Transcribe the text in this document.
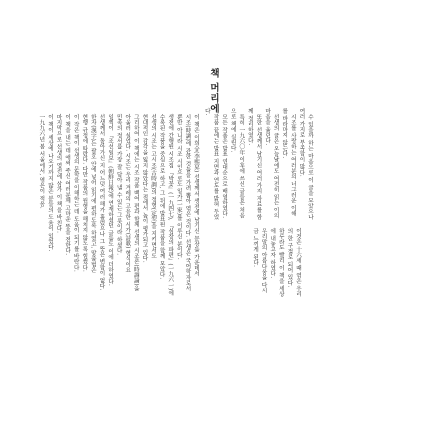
책 머리에

이 책은 이희승(李熙昇) 선생께서 생전에 남기신 문장들 가운데서

시조(時調)에 관한 것들을 가려 뽑아 엮은 것이다. 선생은 국어학자로서

뿐만 아니라 시조 시인으로도 일가(一家)를 이루신 분이다.

생전에 간행된 시조집 『박꽃』(一九四七), 『심장의 파편』(一九六一)에

수록된 작품을 중심으로 하고, 그 뒤에 발표된 작품을 함께 모았다.

선생의 시조는 고시조(古時調)의 정형(定型)을 지키면서도

현대적인 감각을 잃지 않았다는 점에서 높이 평가되고 있다.

그리하여 이 책에는 시조 작품 백여 편과 함께 선생의 시조론(時調論)을

아울러 실었다. 시조는 우리 겨레의 고유한 시가(詩歌) 형식이요

민족의 정서를 가장 잘 담아 낼 수 있는 그릇이라 하셨다.

일찍이 『조선일보』(朝鮮日報)에 연재하셨던 글들도 이에 더하였다.

선생께서 돌아가신 지 어느덧 여러 해가 흘렀으나 그 뜻은 변함이 없다.

한자(漢字)는 괄호 안에 넣어 읽기에 편하도록 하였고, 맞춤법은

현행 규정에 따랐다. 다만 작품의 원형을 해치지 않도록 힘썼다.

이 작은 책이 선생의 문학을 이해하는 데 도움이 되기를 바란다.

이 책을 내는 데 애써 주신 여러분께 고마운 뜻을 전한다.

마지막으로 선생의 영전에 삼가 이 책을 바친다.

이 책이 세상에 나오기까지 많은 분들의 도움이 있었다.

一九九六년 봄 서울에서, 엮은이 적음.	수 있을까 하는 마음으로 이 글을 모았으나 여러 가지로 부족함이 많다.

시조를 사랑하는 여러분의 너그러운 이해를 바라마지 않는다.

선생의 글은 오늘날에도 여전히 읽는 이의 마음을 울린다.

또한 선생께서 남기신 여러 가지 자료를 함께 정리하였다.

특히 一九六〇年 이후에 쓰신 글들은 처음으로 책에 실린다.

모든 작품은 발표 연대순으로 배열하였다.

작품 끝에는 발표 지면과 연도를 밝혀 두었다.

이것은 十六세 때 엮은 우리의 한 구절로 되어 있다.

하루라도 빨리 이 책을 세상에 내놓고자 하였다.

우리말의 아름다움을 다시금 느끼게 된다.
